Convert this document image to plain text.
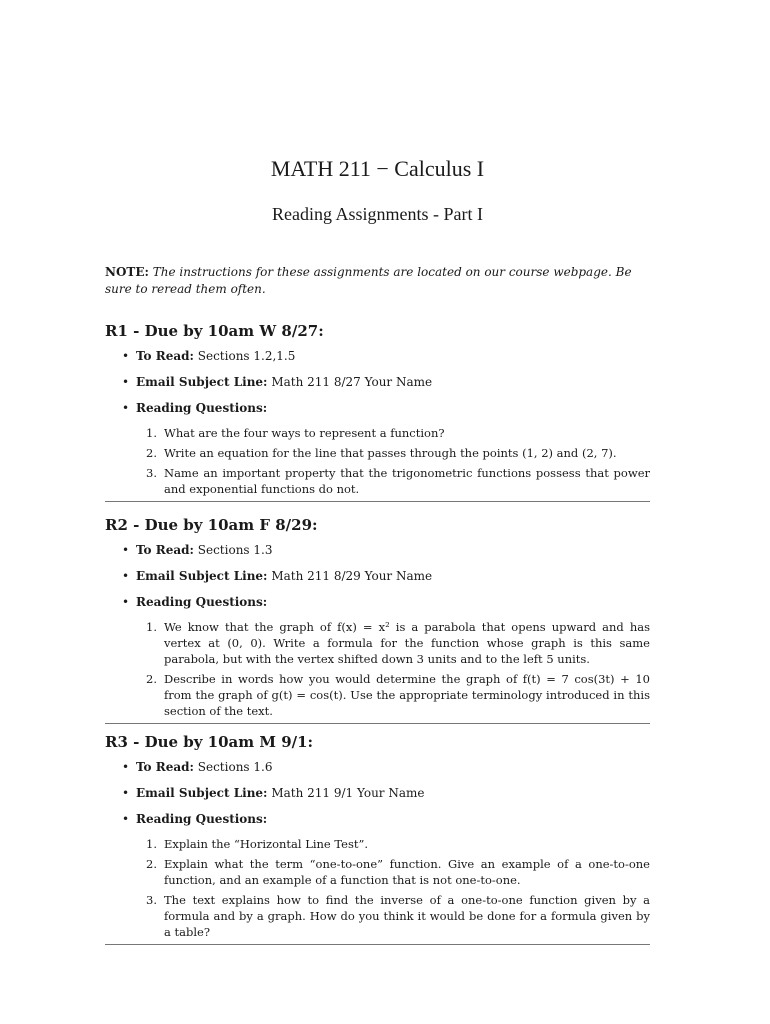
MATH 211 − Calculus I
Reading Assignments - Part I
NOTE: The instructions for these assignments are located on our course webpage. Be sure to reread them often.
R1 - Due by 10am W 8/27:
• To Read: Sections 1.2,1.5
• Email Subject Line: Math 211 8/27 Your Name
• Reading Questions:
1. What are the four ways to represent a function?
2. Write an equation for the line that passes through the points (1, 2) and (2, 7).
3. Name an important property that the trigonometric functions possess that power and exponential functions do not.
R2 - Due by 10am F 8/29:
• To Read: Sections 1.3
• Email Subject Line: Math 211 8/29 Your Name
• Reading Questions:
1. We know that the graph of f(x) = x² is a parabola that opens upward and has vertex at (0, 0). Write a formula for the function whose graph is this same parabola, but with the vertex shifted down 3 units and to the left 5 units.
2. Describe in words how you would determine the graph of f(t) = 7 cos(3t) + 10 from the graph of g(t) = cos(t). Use the appropriate terminology introduced in this section of the text.
R3 - Due by 10am M 9/1:
• To Read: Sections 1.6
• Email Subject Line: Math 211 9/1 Your Name
• Reading Questions:
1. Explain the “Horizontal Line Test”.
2. Explain what the term “one-to-one” function. Give an example of a one-to-one function, and an example of a function that is not one-to-one.
3. The text explains how to find the inverse of a one-to-one function given by a formula and by a graph. How do you think it would be done for a formula given by a table?
